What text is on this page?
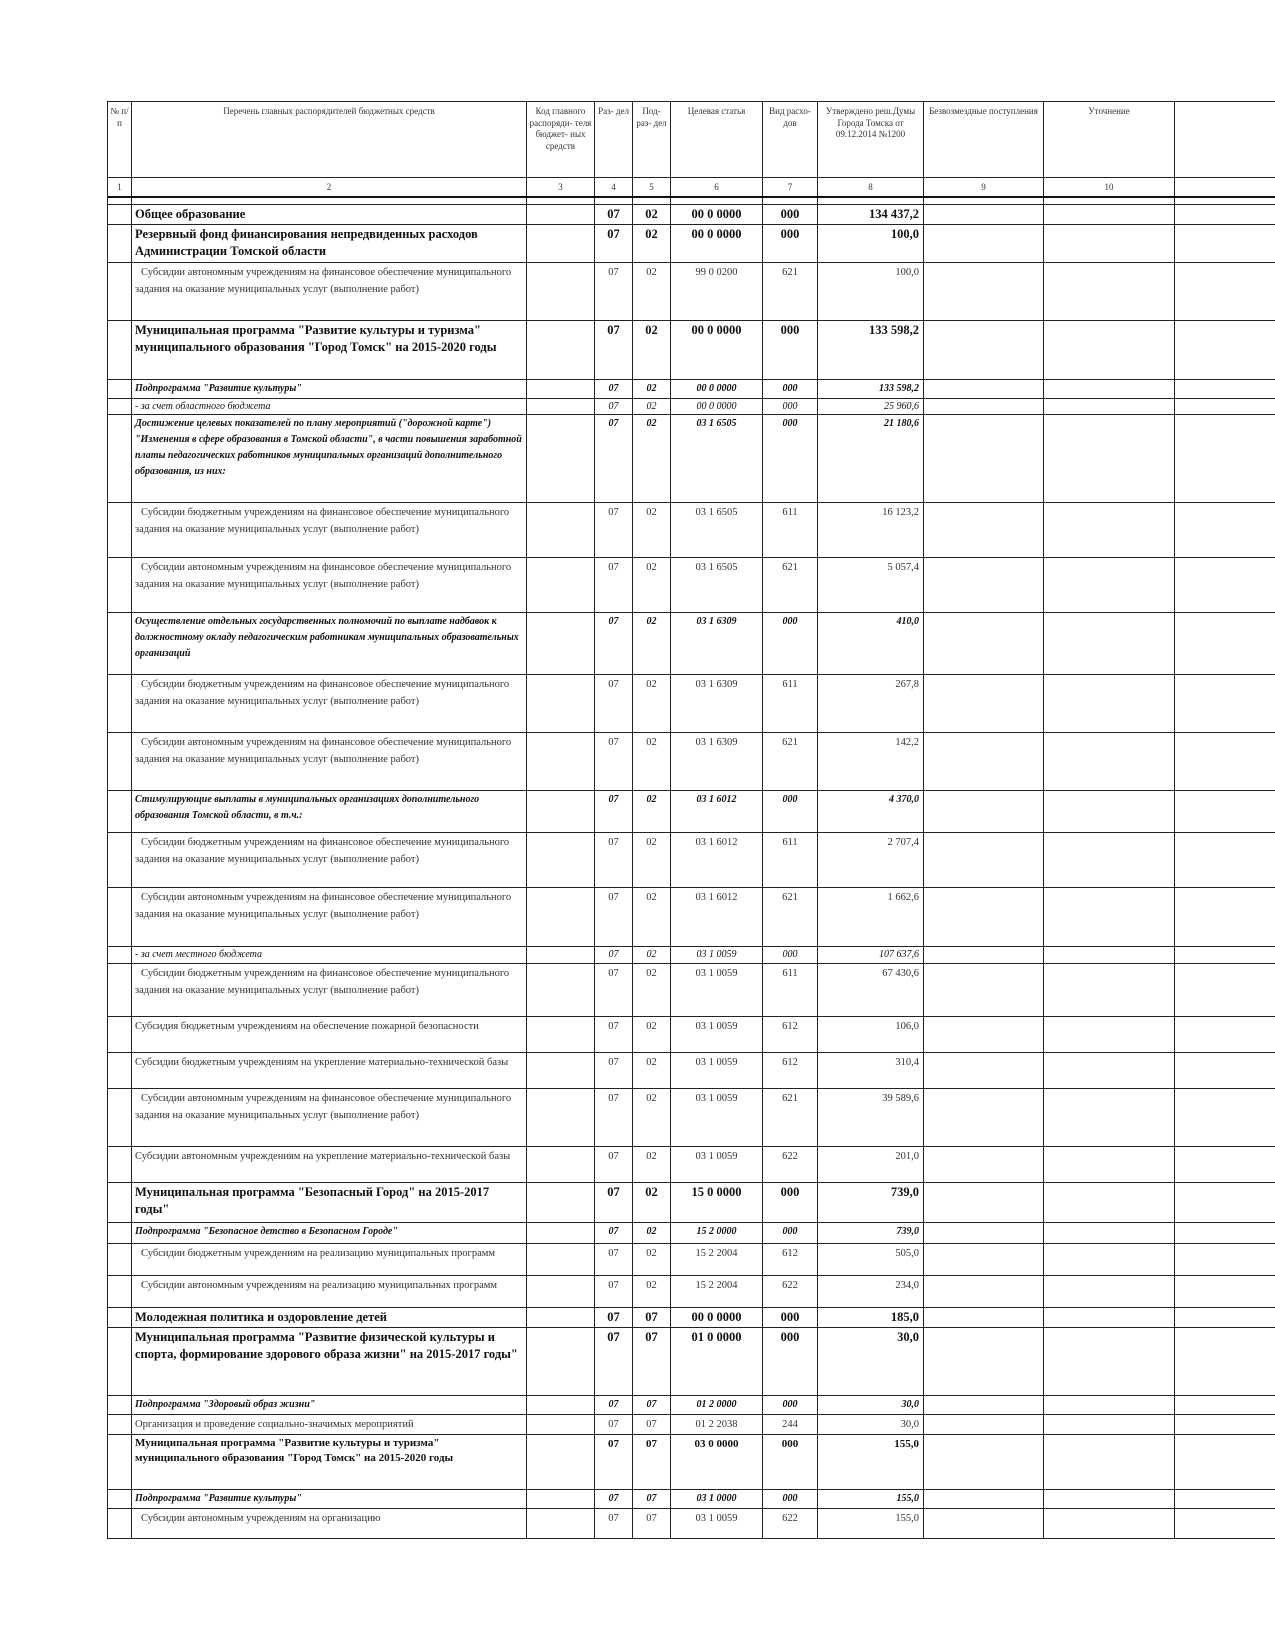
№ п/п	Перечень главных распорядителей бюджетных средств	Код главного распоряди- теля бюджет- ных средств	Раз- дел	Под- раз- дел	Целевая статья	Вид расхо- дов	Утверждено реш.Думы Города Томска от 09.12.2014 №1200	Безвозмездные поступления	Уточнение	
1	2	3	4	5	6	7	8	9	10	

	Общее образование		07	02	00 0 0000	000	134 437,2			
	Резервный фонд финансирования непредвиденных расходов Администрации Томской области		07	02	00 0 0000	000	100,0			
	Субсидии автономным учреждениям на финансовое обеспечение муниципального задания на оказание муниципальных услуг (выполнение работ)		07	02	99 0 0200	621	100,0			
	Муниципальная программа "Развитие культуры и туризма" муниципального образования "Город Томск" на 2015-2020 годы		07	02	00 0 0000	000	133 598,2			
	Подпрограмма "Развитие культуры"		07	02	00 0 0000	000	133 598,2			
	- за счет областного бюджета		07	02	00 0 0000	000	25 960,6			
	Достижение целевых показателей по плану мероприятий ("дорожной карте") "Изменения в сфере образования в Томской области", в части повышения заработной платы педагогических работников муниципальных организаций дополнительного образования, из них:		07	02	03 1 6505	000	21 180,6			
	Субсидии бюджетным учреждениям на финансовое обеспечение муниципального задания на оказание муниципальных услуг (выполнение работ)		07	02	03 1 6505	611	16 123,2			
	Субсидии автономным учреждениям на финансовое обеспечение муниципального задания на оказание муниципальных услуг (выполнение работ)		07	02	03 1 6505	621	5 057,4			
	Осуществление отдельных государственных полномочий по выплате надбавок к должностному окладу педагогическим работникам муниципальных образовательных организаций		07	02	03 1 6309	000	410,0			
	Субсидии бюджетным учреждениям на финансовое обеспечение муниципального задания на оказание муниципальных услуг (выполнение работ)		07	02	03 1 6309	611	267,8			
	Субсидии автономным учреждениям на финансовое обеспечение муниципального задания на оказание муниципальных услуг (выполнение работ)		07	02	03 1 6309	621	142,2			
	Стимулирующие выплаты в муниципальных организациях дополнительного образования Томской области, в т.ч.:		07	02	03 1 6012	000	4 370,0			
	Субсидии бюджетным учреждениям на финансовое обеспечение муниципального задания на оказание муниципальных услуг (выполнение работ)		07	02	03 1 6012	611	2 707,4			
	Субсидии автономным учреждениям на финансовое обеспечение муниципального задания на оказание муниципальных услуг (выполнение работ)		07	02	03 1 6012	621	1 662,6			
	- за счет местного бюджета		07	02	03 1 0059	000	107 637,6			
	Субсидии бюджетным учреждениям на финансовое обеспечение муниципального задания на оказание муниципальных услуг (выполнение работ)		07	02	03 1 0059	611	67 430,6			
	Субсидия бюджетным учреждениям на обеспечение пожарной безопасности		07	02	03 1 0059	612	106,0			
	Субсидии бюджетным учреждениям на укрепление материально-технической базы		07	02	03 1 0059	612	310,4			
	Субсидии автономным учреждениям на финансовое обеспечение муниципального задания на оказание муниципальных услуг (выполнение работ)		07	02	03 1 0059	621	39 589,6			
	Субсидии автономным учреждениям на укрепление материально-технической базы		07	02	03 1 0059	622	201,0			
	Муниципальная программа "Безопасный Город" на 2015-2017 годы"		07	02	15 0 0000	000	739,0			
	Подпрограмма "Безопасное детство в Безопасном Городе"		07	02	15 2 0000	000	739,0			
	Субсидии бюджетным учреждениям на реализацию муниципальных программ		07	02	15 2 2004	612	505,0			
	Субсидии автономным учреждениям на реализацию муниципальных программ		07	02	15 2 2004	622	234,0			
	Молодежная политика и оздоровление детей		07	07	00 0 0000	000	185,0			
	Муниципальная программа "Развитие физической культуры и спорта, формирование здорового образа жизни" на 2015-2017 годы"		07	07	01 0 0000	000	30,0			
	Подпрограмма "Здоровый образ жизни"		07	07	01 2 0000	000	30,0			
	Организация и проведение социально-значимых мероприятий		07	07	01 2 2038	244	30,0			
	Муниципальная программа "Развитие культуры и туризма" муниципального образования "Город Томск" на 2015-2020 годы		07	07	03 0 0000	000	155,0			
	Подпрограмма "Развитие культуры"		07	07	03 1 0000	000	155,0			
	Субсидии автономным учреждениям на организацию		07	07	03 1 0059	622	155,0			
